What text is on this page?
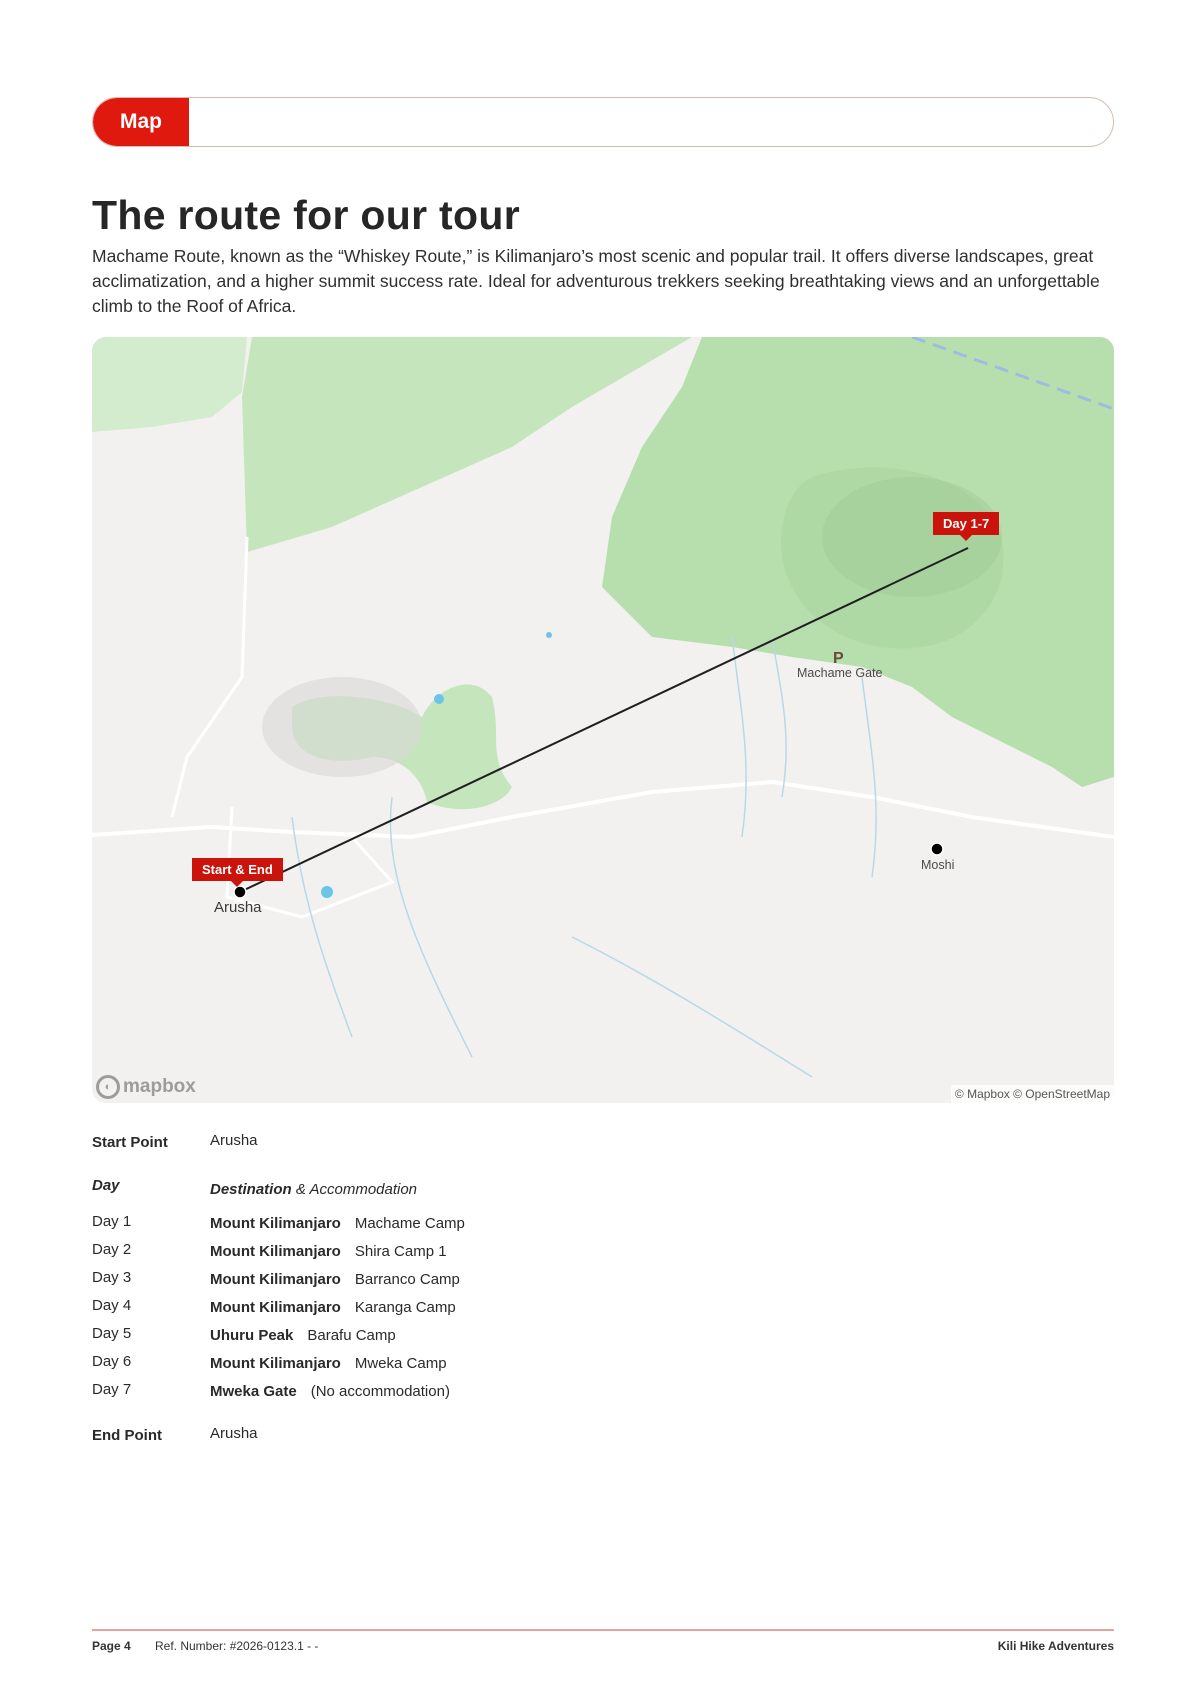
Map
The route for our tour

Machame Route, known as the “Whiskey Route,” is Kilimanjaro’s most scenic and popular trail. It offers diverse landscapes, great acclimatization, and a higher summit success rate. Ideal for adventurous trekkers seeking breathtaking views and an unforgettable climb to the Roof of Africa.

Start & End
Day 1-7
Arusha
Moshi
Machame Gate
P
◐ mapbox	© Mapbox © OpenStreetMap
Start Point	Arusha
Day	Destination & Accommodation
Day 1	Mount Kilimanjaro Machame Camp
Day 2	Mount Kilimanjaro Shira Camp 1
Day 3	Mount Kilimanjaro Barranco Camp
Day 4	Mount Kilimanjaro Karanga Camp
Day 5	Uhuru Peak Barafu Camp
Day 6	Mount Kilimanjaro Mweka Camp
Day 7	Mweka Gate (No accommodation)
End Point	Arusha
Page 4 Ref. Number: #2026-0123.1 - -	Kili Hike Adventures
